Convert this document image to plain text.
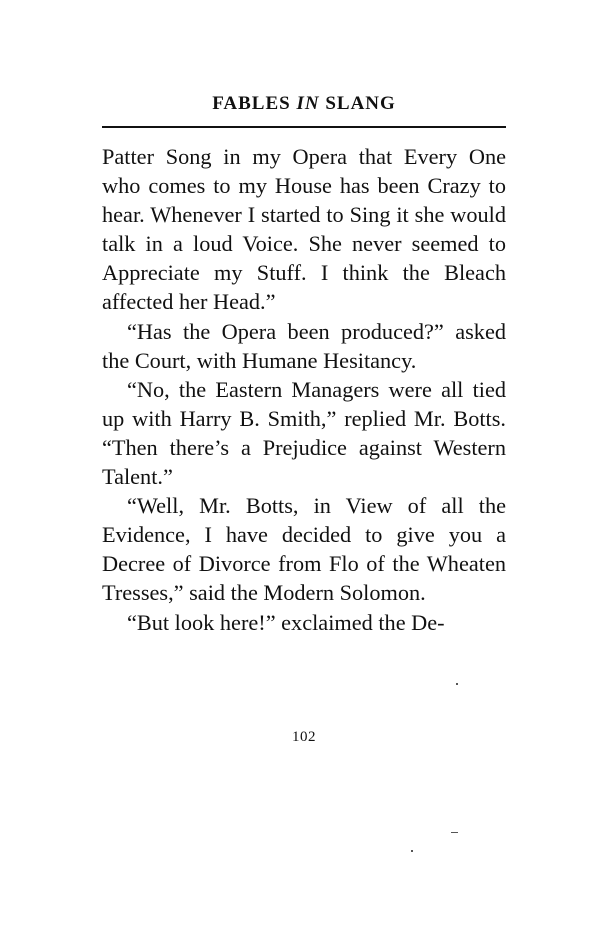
FABLES IN SLANG

Patter Song in my Opera that Every One who comes to my House has been Crazy to hear. Whenever I started to Sing it she would talk in a loud Voice. She never seemed to Appreciate my Stuff. I think the Bleach affected her Head.”

“Has the Opera been produced?” asked the Court, with Humane Hesitancy.

“No, the Eastern Managers were all tied up with Harry B. Smith,” replied Mr. Botts. “Then there’s a Prejudice against Western Talent.”

“Well, Mr. Botts, in View of all the Evidence, I have decided to give you a Decree of Divorce from Flo of the Wheaten Tresses,” said the Modern Solomon.

“But look here!” exclaimed the De-

102
